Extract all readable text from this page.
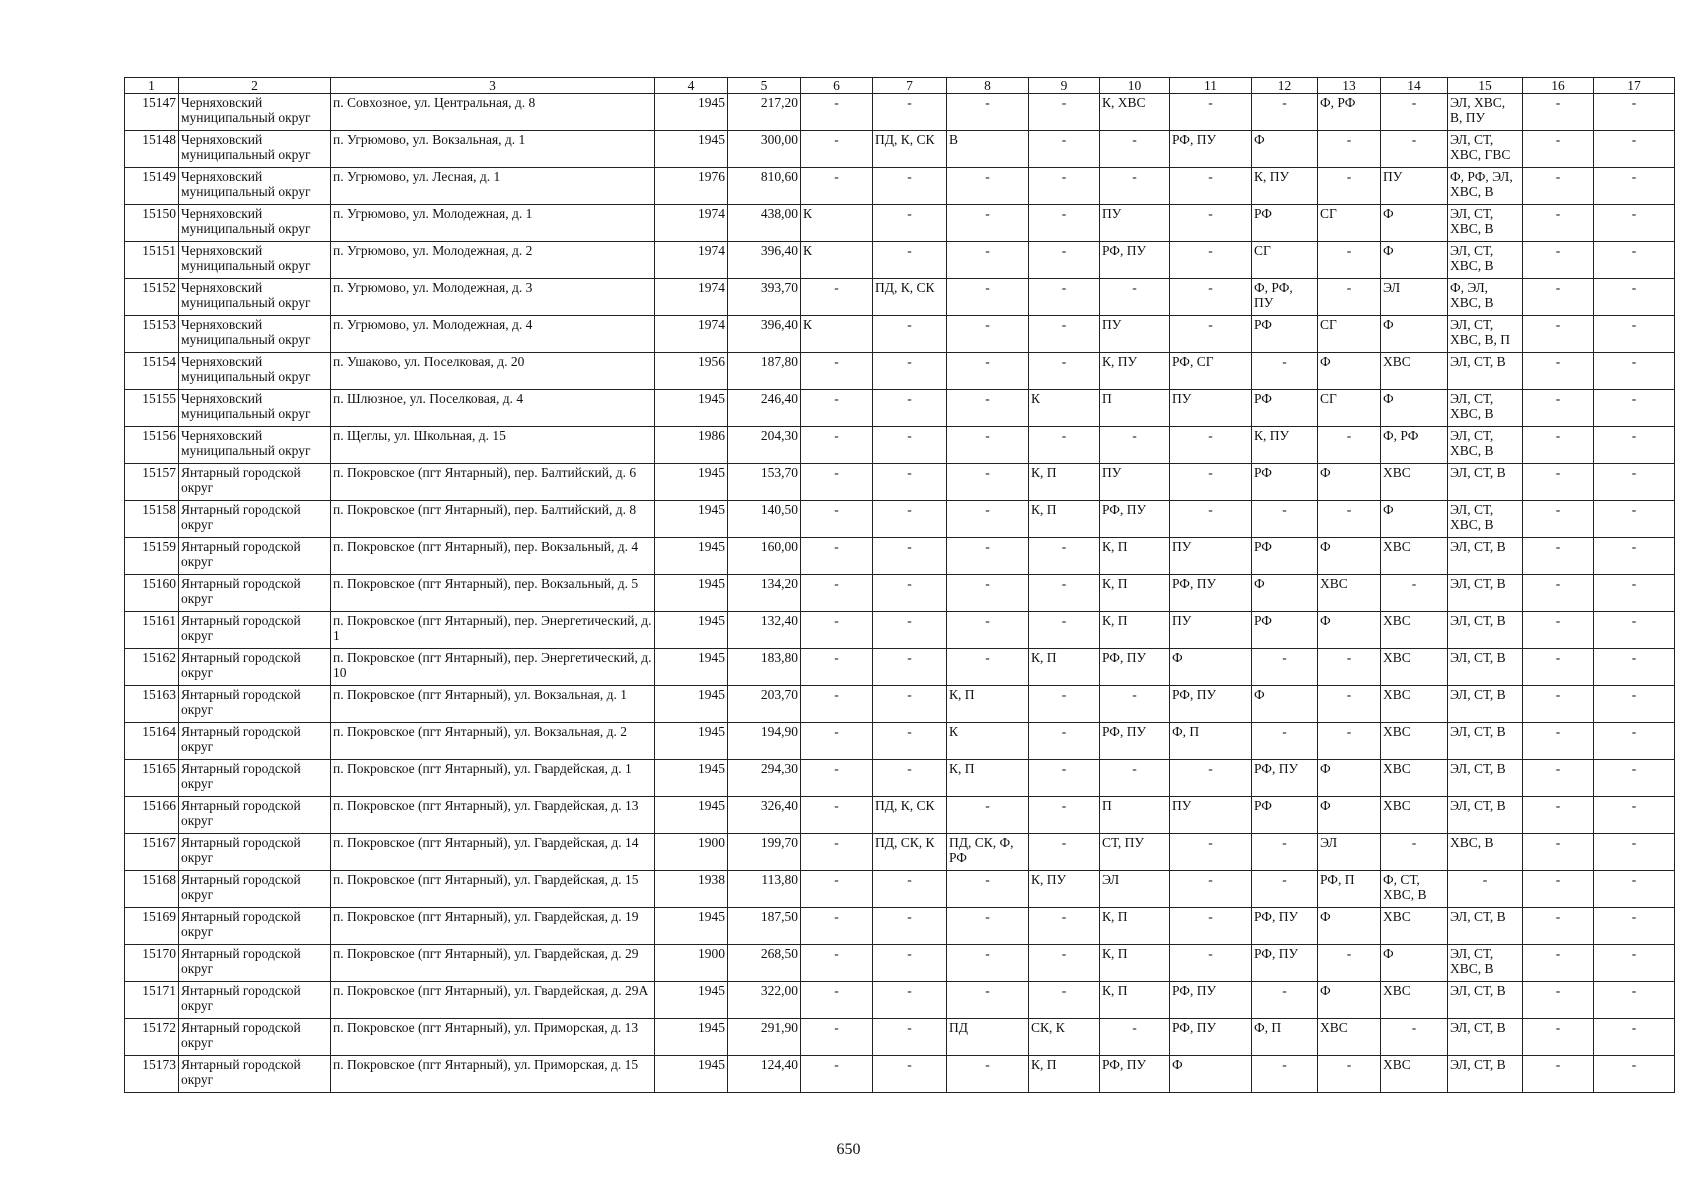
1	2	3	4	5	6	7	8	9	10	11	12	13	14	15	16	17
15147	Черняховский муниципальный округ	п. Совхозное, ул. Центральная, д. 8	1945	217,20	-	-	-	-	К, ХВС	-	-	Ф, РФ	-	ЭЛ, ХВС, В, ПУ	-	-
15148	Черняховский муниципальный округ	п. Угрюмово, ул. Вокзальная, д. 1	1945	300,00	-	ПД, К, СК	В	-	-	РФ, ПУ	Ф	-	-	ЭЛ, СТ, ХВС, ГВС	-	-
15149	Черняховский муниципальный округ	п. Угрюмово, ул. Лесная, д. 1	1976	810,60	-	-	-	-	-	-	К, ПУ	-	ПУ	Ф, РФ, ЭЛ, ХВС, В	-	-
15150	Черняховский муниципальный округ	п. Угрюмово, ул. Молодежная, д. 1	1974	438,00	К	-	-	-	ПУ	-	РФ	СГ	Ф	ЭЛ, СТ, ХВС, В	-	-
15151	Черняховский муниципальный округ	п. Угрюмово, ул. Молодежная, д. 2	1974	396,40	К	-	-	-	РФ, ПУ	-	СГ	-	Ф	ЭЛ, СТ, ХВС, В	-	-
15152	Черняховский муниципальный округ	п. Угрюмово, ул. Молодежная, д. 3	1974	393,70	-	ПД, К, СК	-	-	-	-	Ф, РФ, ПУ	-	ЭЛ	Ф, ЭЛ, ХВС, В	-	-
15153	Черняховский муниципальный округ	п. Угрюмово, ул. Молодежная, д. 4	1974	396,40	К	-	-	-	ПУ	-	РФ	СГ	Ф	ЭЛ, СТ, ХВС, В, П	-	-
15154	Черняховский муниципальный округ	п. Ушаково, ул. Поселковая, д. 20	1956	187,80	-	-	-	-	К, ПУ	РФ, СГ	-	Ф	ХВС	ЭЛ, СТ, В	-	-
15155	Черняховский муниципальный округ	п. Шлюзное, ул. Поселковая, д. 4	1945	246,40	-	-	-	К	П	ПУ	РФ	СГ	Ф	ЭЛ, СТ, ХВС, В	-	-
15156	Черняховский муниципальный округ	п. Щеглы, ул. Школьная, д. 15	1986	204,30	-	-	-	-	-	-	К, ПУ	-	Ф, РФ	ЭЛ, СТ, ХВС, В	-	-
15157	Янтарный городской округ	п. Покровское (пгт Янтарный), пер. Балтийский, д. 6	1945	153,70	-	-	-	К, П	ПУ	-	РФ	Ф	ХВС	ЭЛ, СТ, В	-	-
15158	Янтарный городской округ	п. Покровское (пгт Янтарный), пер. Балтийский, д. 8	1945	140,50	-	-	-	К, П	РФ, ПУ	-	-	-	Ф	ЭЛ, СТ, ХВС, В	-	-
15159	Янтарный городской округ	п. Покровское (пгт Янтарный), пер. Вокзальный, д. 4	1945	160,00	-	-	-	-	К, П	ПУ	РФ	Ф	ХВС	ЭЛ, СТ, В	-	-
15160	Янтарный городской округ	п. Покровское (пгт Янтарный), пер. Вокзальный, д. 5	1945	134,20	-	-	-	-	К, П	РФ, ПУ	Ф	ХВС	-	ЭЛ, СТ, В	-	-
15161	Янтарный городской округ	п. Покровское (пгт Янтарный), пер. Энергетический, д. 1	1945	132,40	-	-	-	-	К, П	ПУ	РФ	Ф	ХВС	ЭЛ, СТ, В	-	-
15162	Янтарный городской округ	п. Покровское (пгт Янтарный), пер. Энергетический, д. 10	1945	183,80	-	-	-	К, П	РФ, ПУ	Ф	-	-	ХВС	ЭЛ, СТ, В	-	-
15163	Янтарный городской округ	п. Покровское (пгт Янтарный), ул. Вокзальная, д. 1	1945	203,70	-	-	К, П	-	-	РФ, ПУ	Ф	-	ХВС	ЭЛ, СТ, В	-	-
15164	Янтарный городской округ	п. Покровское (пгт Янтарный), ул. Вокзальная, д. 2	1945	194,90	-	-	К	-	РФ, ПУ	Ф, П	-	-	ХВС	ЭЛ, СТ, В	-	-
15165	Янтарный городской округ	п. Покровское (пгт Янтарный), ул. Гвардейская, д. 1	1945	294,30	-	-	К, П	-	-	-	РФ, ПУ	Ф	ХВС	ЭЛ, СТ, В	-	-
15166	Янтарный городской округ	п. Покровское (пгт Янтарный), ул. Гвардейская, д. 13	1945	326,40	-	ПД, К, СК	-	-	П	ПУ	РФ	Ф	ХВС	ЭЛ, СТ, В	-	-
15167	Янтарный городской округ	п. Покровское (пгт Янтарный), ул. Гвардейская, д. 14	1900	199,70	-	ПД, СК, К	ПД, СК, Ф, РФ	-	СТ, ПУ	-	-	ЭЛ	-	ХВС, В	-	-
15168	Янтарный городской округ	п. Покровское (пгт Янтарный), ул. Гвардейская, д. 15	1938	113,80	-	-	-	К, ПУ	ЭЛ	-	-	РФ, П	Ф, СТ, ХВС, В	-	-	-
15169	Янтарный городской округ	п. Покровское (пгт Янтарный), ул. Гвардейская, д. 19	1945	187,50	-	-	-	-	К, П	-	РФ, ПУ	Ф	ХВС	ЭЛ, СТ, В	-	-
15170	Янтарный городской округ	п. Покровское (пгт Янтарный), ул. Гвардейская, д. 29	1900	268,50	-	-	-	-	К, П	-	РФ, ПУ	-	Ф	ЭЛ, СТ, ХВС, В	-	-
15171	Янтарный городской округ	п. Покровское (пгт Янтарный), ул. Гвардейская, д. 29А	1945	322,00	-	-	-	-	К, П	РФ, ПУ	-	Ф	ХВС	ЭЛ, СТ, В	-	-
15172	Янтарный городской округ	п. Покровское (пгт Янтарный), ул. Приморская, д. 13	1945	291,90	-	-	ПД	СК, К	-	РФ, ПУ	Ф, П	ХВС	-	ЭЛ, СТ, В	-	-
15173	Янтарный городской округ	п. Покровское (пгт Янтарный), ул. Приморская, д. 15	1945	124,40	-	-	-	К, П	РФ, ПУ	Ф	-	-	ХВС	ЭЛ, СТ, В	-	-
650
